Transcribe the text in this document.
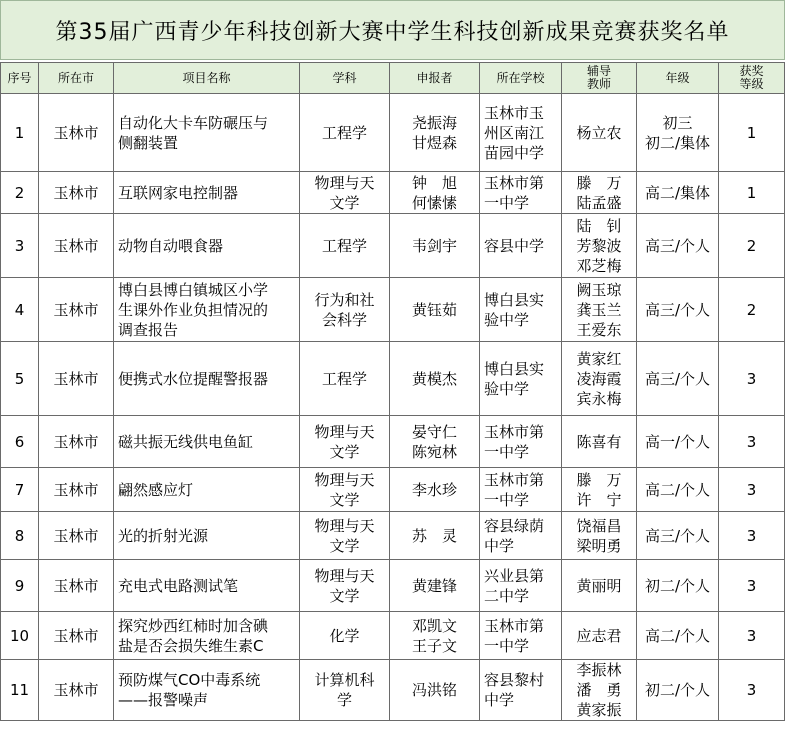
第35届广西青少年科技创新大赛中学生科技创新成果竞赛获奖名单
序号	所在市	项目名称	学科	申报者	所在学校	辅导
教师	年级	获奖
等级
1	玉林市	自动化大卡车防碾压与
侧翻装置	工程学	尧振海
甘煜森	玉林市玉
州区南江
苗园中学	杨立农	初三
初二/集体	1
2	玉林市	互联网家电控制器	物理与天
文学	钟　旭
何愫愫	玉林市第
一中学	滕　万
陆孟盛	高二/集体	1
3	玉林市	动物自动喂食器	工程学	韦剑宇	容县中学	陆　钊
芳黎波
邓芝梅	高三/个人	2
4	玉林市	博白县博白镇城区小学
生课外作业负担情况的
调查报告	行为和社
会科学	黄钰茹	博白县实
验中学	阙玉琼
龚玉兰
王爱东	高三/个人	2
5	玉林市	便携式水位提醒警报器	工程学	黄模杰	博白县实
验中学	黄家红
凌海霞
宾永梅	高三/个人	3
6	玉林市	磁共振无线供电鱼缸	物理与天
文学	晏守仁
陈宛林	玉林市第
一中学	陈喜有	高一/个人	3
7	玉林市	翩然感应灯	物理与天
文学	李水珍	玉林市第
一中学	滕　万
许　宁	高二/个人	3
8	玉林市	光的折射光源	物理与天
文学	苏　灵	容县绿荫
中学	饶福昌
梁明勇	高三/个人	3
9	玉林市	充电式电路测试笔	物理与天
文学	黄建锋	兴业县第
二中学	黄丽明	初二/个人	3
10	玉林市	探究炒西红柿时加含碘
盐是否会损失维生素C	化学	邓凯文
王子文	玉林市第
一中学	应志君	高二/个人	3
11	玉林市	预防煤气CO中毒系统
——报警噪声	计算机科
学	冯洪铭	容县黎村
中学	李振林
潘　勇
黄家振	初二/个人	3
